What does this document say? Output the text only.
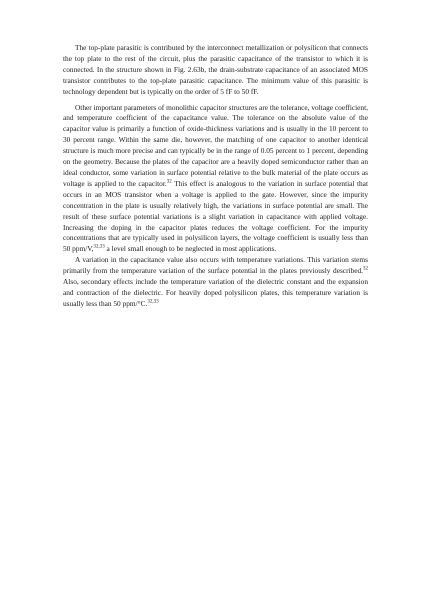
The top-plate parasitic is contributed by the interconnect metallization or polysilicon that connects the top plate to the rest of the circuit, plus the parasitic capacitance of the transistor to which it is connected. In the structure shown in Fig. 2.63b, the drain-substrate capacitance of an associated MOS transistor contributes to the top-plate parasitic capacitance. The minimum value of this parasitic is technology dependent but is typically on the order of 5 fF to 50 fF.

Other important parameters of monolithic capacitor structures are the tolerance, voltage coefficient, and temperature coefficient of the capacitance value. The tolerance on the absolute value of the capacitor value is primarily a function of oxide-thickness variations and is usually in the 10 percent to 30 percent range. Within the same die, however, the matching of one capacitor to another identical structure is much more precise and can typically be in the range of 0.05 percent to 1 percent, depending on the geometry. Because the plates of the capacitor are a heavily doped semiconductor rather than an ideal conductor, some variation in surface potential relative to the bulk material of the plate occurs as voltage is applied to the capacitor.$^{32}$ This effect is analogous to the variation in surface potential that occurs in an MOS transistor when a voltage is applied to the gate. However, since the impurity concentration in the plate is usually relatively high, the variations in surface potential are small. The result of these surface potential variations is a slight variation in capacitance with applied voltage. Increasing the doping in the capacitor plates reduces the voltage coefficient. For the impurity concentrations that are typically used in polysilicon layers, the voltage coefficient is usually less than 50 ppm/V,$^{32,33}$ a level small enough to be neglected in most applications.

A variation in the capacitance value also occurs with temperature variations. This variation stems primarily from the temperature variation of the surface potential in the plates previously described.$^{32}$ Also, secondary effects include the temperature variation of the dielectric constant and the expansion and contraction of the dielectric. For heavily doped polysilicon plates, this temperature variation is usually less than 50 ppm/°C.$^{32,33}$
